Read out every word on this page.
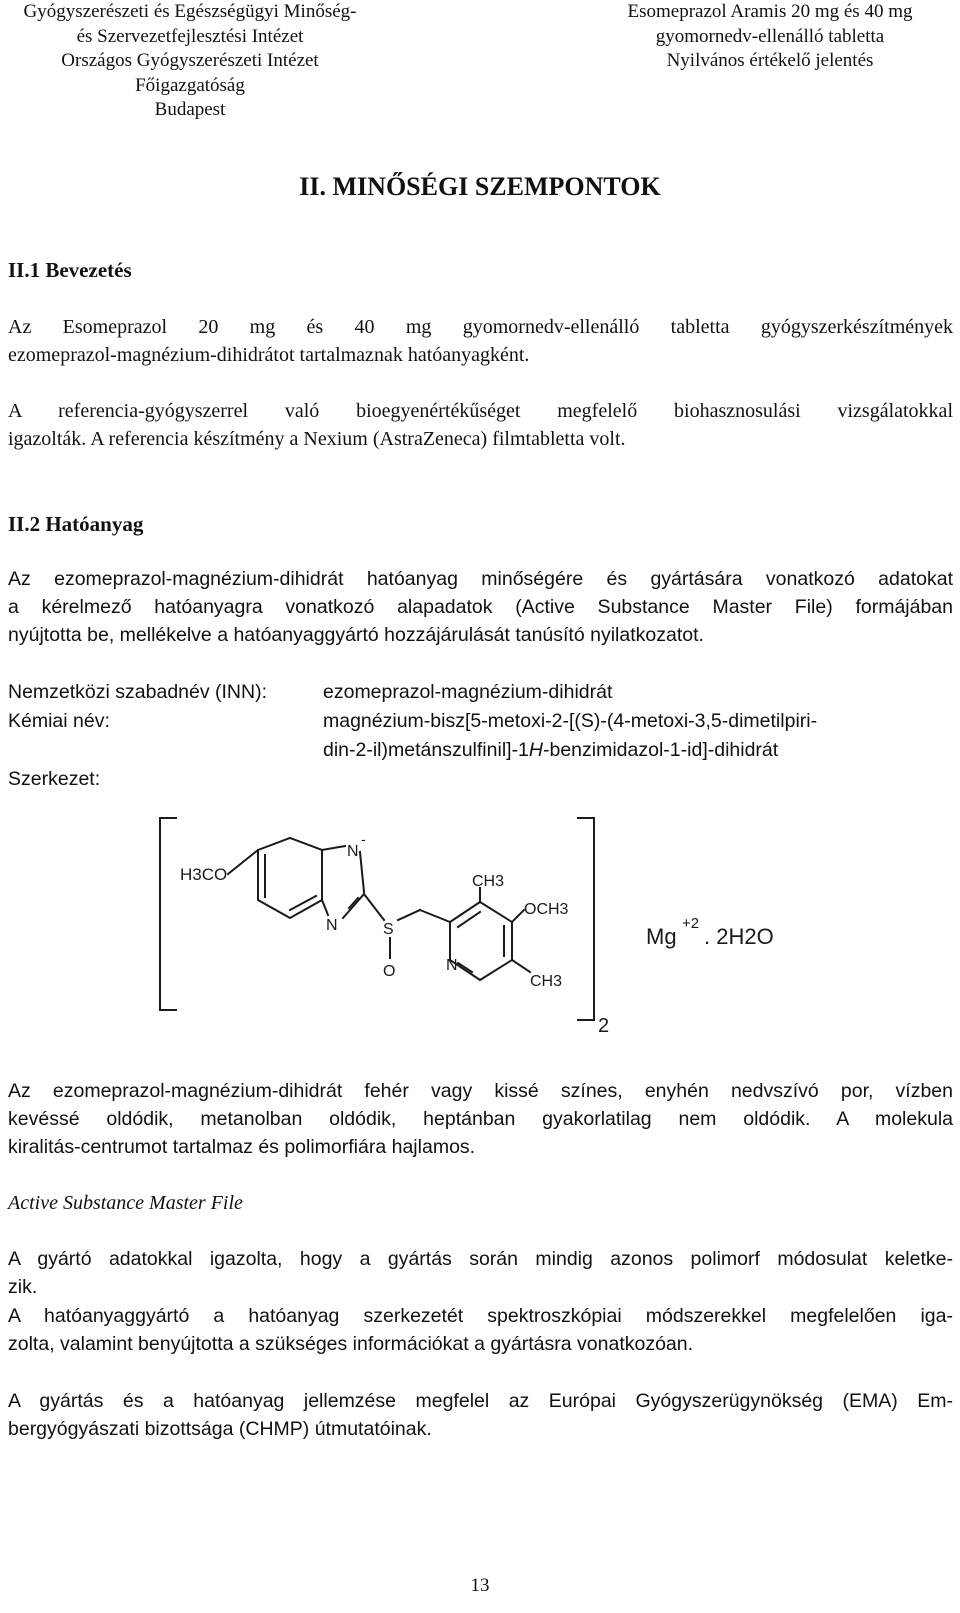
Gyógyszerészeti és Egészségügyi Minőség-
és Szervezetfejlesztési Intézet
Országos Gyógyszerészeti Intézet
Főigazgatóság
Budapest
Esomeprazol Aramis 20 mg és 40 mg
gyomornedv-ellenálló tabletta
Nyilvános értékelő jelentés
II. MINŐSÉGI SZEMPONTOK
II.1 Bevezetés
Az Esomeprazol 20 mg és 40 mg gyomornedv-ellenálló tabletta gyógyszerkészítmények
ezomeprazol-magnézium-dihidrátot tartalmaznak hatóanyagként.
A referencia-gyógyszerrel való bioegyenértékűséget megfelelő biohasznosulási vizsgálatokkal
igazolták. A referencia készítmény a Nexium (AstraZeneca) filmtabletta volt.
II.2 Hatóanyag
Az ezomeprazol-magnézium-dihidrát hatóanyag minőségére és gyártására vonatkozó adatokat
a kérelmező hatóanyagra vonatkozó alapadatok (Active Substance Master File) formájában
nyújtotta be, mellékelve a hatóanyaggyártó hozzájárulását tanúsító nyilatkozatot.
Nemzetközi szabadnév (INN):	ezomeprazol-magnézium-dihidrát
Kémiai név:	magnézium-bisz[5-metoxi-2-[(S)-(4-metoxi-3,5-dimetilpiri-
din-2-il)metánszulfinil]-1H-benzimidazol-1-id]-dihidrát
Szerkezet:
H3CO
N
-
N	S
O
CH3
OCH3
N
CH3
2
Mg
+2
. 2H2O
Az ezomeprazol-magnézium-dihidrát fehér vagy kissé színes, enyhén nedvszívó por, vízben
kevéssé oldódik, metanolban oldódik, heptánban gyakorlatilag nem oldódik. A molekula
kiralitás-centrumot tartalmaz és polimorfiára hajlamos.
Active Substance Master File
A gyártó adatokkal igazolta, hogy a gyártás során mindig azonos polimorf módosulat keletke-
zik.
A hatóanyaggyártó a hatóanyag szerkezetét spektroszkópiai módszerekkel megfelelően iga-
zolta, valamint benyújtotta a szükséges információkat a gyártásra vonatkozóan.
A gyártás és a hatóanyag jellemzése megfelel az Európai Gyógyszerügynökség (EMA) Em-
bergyógyászati bizottsága (CHMP) útmutatóinak.
13
